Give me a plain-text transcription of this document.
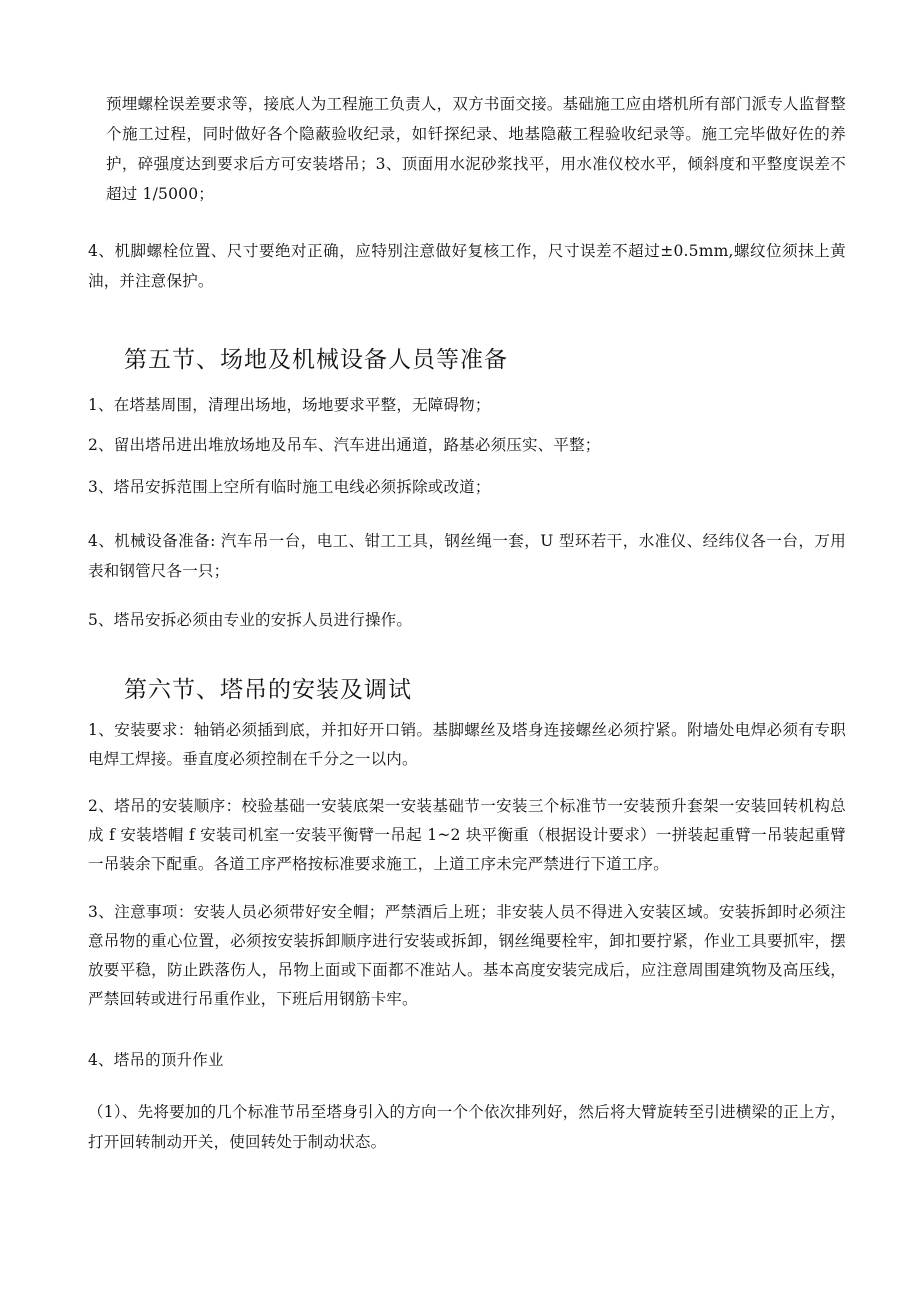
预埋螺栓误差要求等，接底人为工程施工负责人，双方书面交接。基础施工应由塔机所有部门派专人监督整个施工过程，同时做好各个隐蔽验收纪录，如钎探纪录、地基隐蔽工程验收纪录等。施工完毕做好佐的养护，碎强度达到要求后方可安装塔吊；3、顶面用水泥砂浆找平，用水准仪校水平，倾斜度和平整度误差不超过 1/5000；

4、机脚螺栓位置、尺寸要绝对正确，应特别注意做好复核工作，尺寸误差不超过±0.5mm,螺纹位须抹上黄油，并注意保护。

第五节、场地及机械设备人员等准备

1、在塔基周围，清理出场地，场地要求平整，无障碍物；

2、留出塔吊进出堆放场地及吊车、汽车进出通道，路基必须压实、平整；

3、塔吊安拆范围上空所有临时施工电线必须拆除或改道；

4、机械设备准备: 汽车吊一台，电工、钳工工具，钢丝绳一套，U 型环若干，水准仪、经纬仪各一台，万用表和钢管尺各一只；

5、塔吊安拆必须由专业的安拆人员进行操作。

第六节、塔吊的安装及调试

1、安装要求：轴销必须插到底，并扣好开口销。基脚螺丝及塔身连接螺丝必须拧紧。附墙处电焊必须有专职电焊工焊接。垂直度必须控制在千分之一以内。

2、塔吊的安装顺序：校验基础一安装底架一安装基础节一安装三个标准节一安装预升套架一安装回转机构总成 f 安装塔帽 f 安装司机室一安装平衡臂一吊起 1~2 块平衡重（根据设计要求）一拼装起重臂一吊装起重臂一吊装余下配重。各道工序严格按标准要求施工，上道工序未完严禁进行下道工序。

3、注意事项：安装人员必须带好安全帽；严禁酒后上班；非安装人员不得进入安装区域。安装拆卸时必须注意吊物的重心位置，必须按安装拆卸顺序进行安装或拆卸，钢丝绳要栓牢，卸扣要拧紧，作业工具要抓牢，摆放要平稳，防止跌落伤人，吊物上面或下面都不准站人。基本高度安装完成后，应注意周围建筑物及高压线，严禁回转或进行吊重作业，下班后用钢筋卡牢。

4、塔吊的顶升作业

（1）、先将要加的几个标准节吊至塔身引入的方向一个个依次排列好，然后将大臂旋转至引进横梁的正上方，打开回转制动开关，使回转处于制动状态。
